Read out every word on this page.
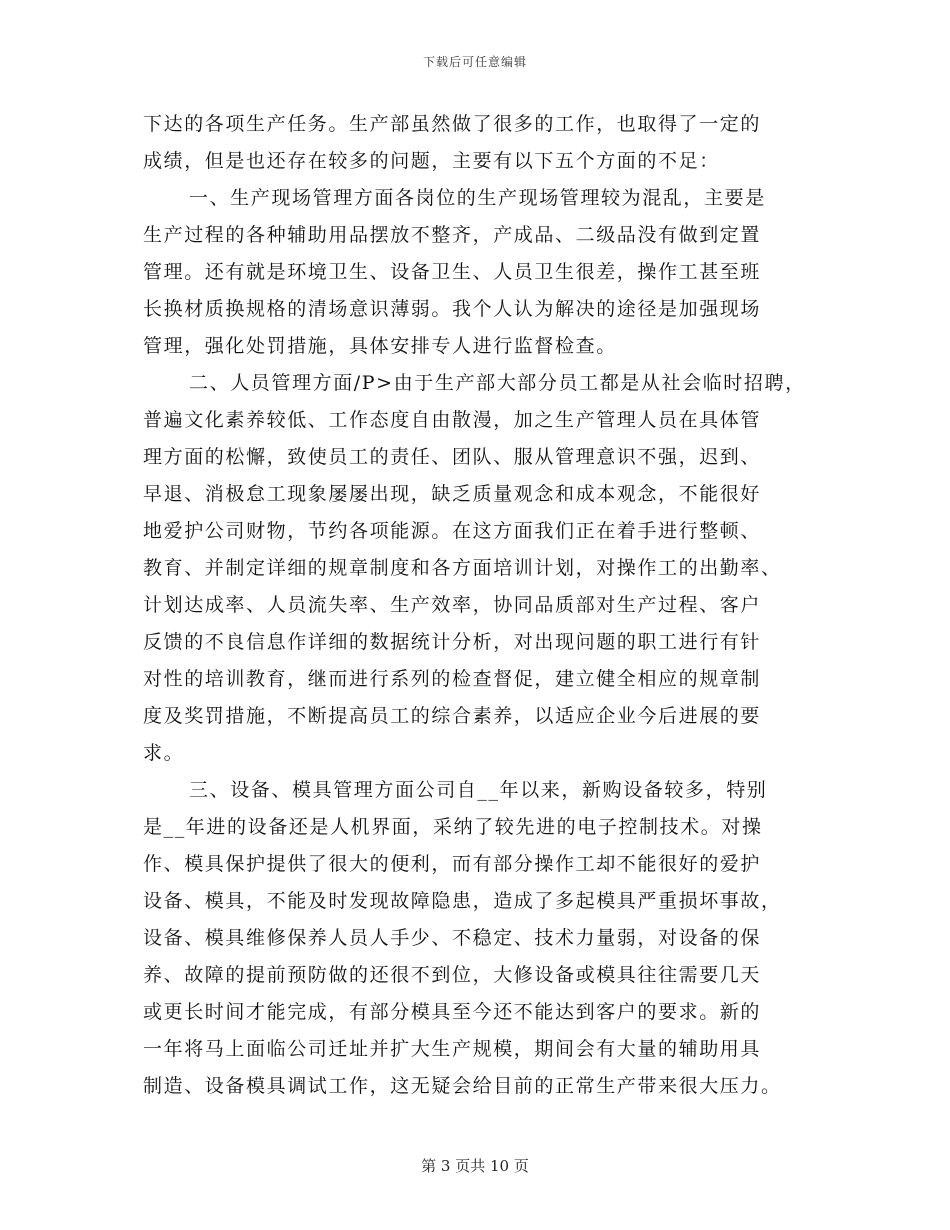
下载后可任意编辑
下达的各项生产任务。生产部虽然做了很多的工作，也取得了一定的
成绩，但是也还存在较多的问题，主要有以下五个方面的不足：
一、生产现场管理方面各岗位的生产现场管理较为混乱，主要是
生产过程的各种辅助用品摆放不整齐，产成品、二级品没有做到定置
管理。还有就是环境卫生、设备卫生、人员卫生很差，操作工甚至班
长换材质换规格的清场意识薄弱。我个人认为解决的途径是加强现场
管理，强化处罚措施，具体安排专人进行监督检查。
二、人员管理方面/P>由于生产部大部分员工都是从社会临时招聘，
普遍文化素养较低、工作态度自由散漫，加之生产管理人员在具体管
理方面的松懈，致使员工的责任、团队、服从管理意识不强，迟到、
早退、消极怠工现象屡屡出现，缺乏质量观念和成本观念，不能很好
地爱护公司财物，节约各项能源。在这方面我们正在着手进行整顿、
教育、并制定详细的规章制度和各方面培训计划，对操作工的出勤率、
计划达成率、人员流失率、生产效率，协同品质部对生产过程、客户
反馈的不良信息作详细的数据统计分析，对出现问题的职工进行有针
对性的培训教育，继而进行系列的检查督促，建立健全相应的规章制
度及奖罚措施，不断提高员工的综合素养，以适应企业今后进展的要
求。
三、设备、模具管理方面公司自__年以来，新购设备较多，特别
是__年进的设备还是人机界面，采纳了较先进的电子控制技术。对操
作、模具保护提供了很大的便利，而有部分操作工却不能很好的爱护
设备、模具，不能及时发现故障隐患，造成了多起模具严重损坏事故，
设备、模具维修保养人员人手少、不稳定、技术力量弱，对设备的保
养、故障的提前预防做的还很不到位，大修设备或模具往往需要几天
或更长时间才能完成，有部分模具至今还不能达到客户的要求。新的
一年将马上面临公司迁址并扩大生产规模，期间会有大量的辅助用具
制造、设备模具调试工作，这无疑会给目前的正常生产带来很大压力。
第 3 页共 10 页
